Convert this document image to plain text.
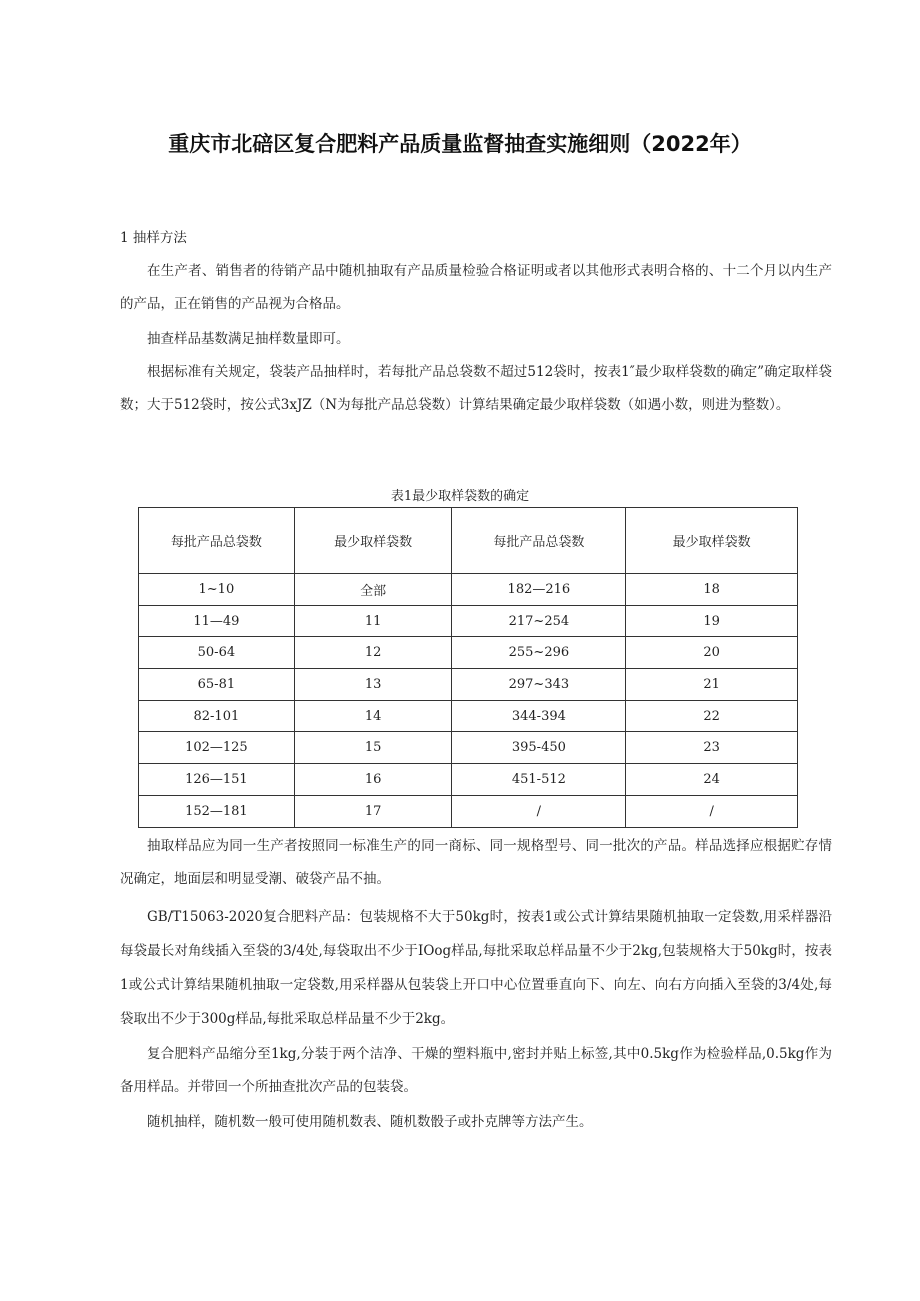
重庆市北碚区复合肥料产品质量监督抽查实施细则（2022年）
1 抽样方法
在生产者、销售者的待销产品中随机抽取有产品质量检验合格证明或者以其他形式表明合格的、十二个月以内生产的产品，正在销售的产品视为合格品。
抽查样品基数满足抽样数量即可。
根据标准有关规定，袋装产品抽样时，若每批产品总袋数不超过512袋时，按表1″最少取样袋数的确定”确定取样袋数；大于512袋时，按公式3xJZ（N为每批产品总袋数）计算结果确定最少取样袋数（如遇小数，则进为整数）。
表1最少取样袋数的确定
每批产品总袋数	最少取样袋数	每批产品总袋数	最少取样袋数
1~10	全部	182—216	18
11—49	11	217~254	19
50-64	12	255~296	20
65-81	13	297~343	21
82-101	14	344-394	22
102—125	15	395-450	23
126—151	16	451-512	24
152—181	17	/	/
抽取样品应为同一生产者按照同一标准生产的同一商标、同一规格型号、同一批次的产品。样品选择应根据贮存情况确定，地面层和明显受潮、破袋产品不抽。
GB/T15063-2020复合肥料产品：包装规格不大于50kg时，按表1或公式计算结果随机抽取一定袋数,用采样器沿每袋最长对角线插入至袋的3/4处,每袋取出不少于IOog样品,每批采取总样品量不少于2kg,包装规格大于50kg时，按表1或公式计算结果随机抽取一定袋数,用采样器从包装袋上开口中心位置垂直向下、向左、向右方向插入至袋的3/4处,每袋取出不少于300g样品,每批采取总样品量不少于2kg。
复合肥料产品缩分至1kg,分装于两个洁净、干燥的塑料瓶中,密封并贴上标签,其中0.5kg作为检验样品,0.5kg作为备用样品。并带回一个所抽查批次产品的包装袋。
随机抽样，随机数一般可使用随机数表、随机数骰子或扑克牌等方法产生。
